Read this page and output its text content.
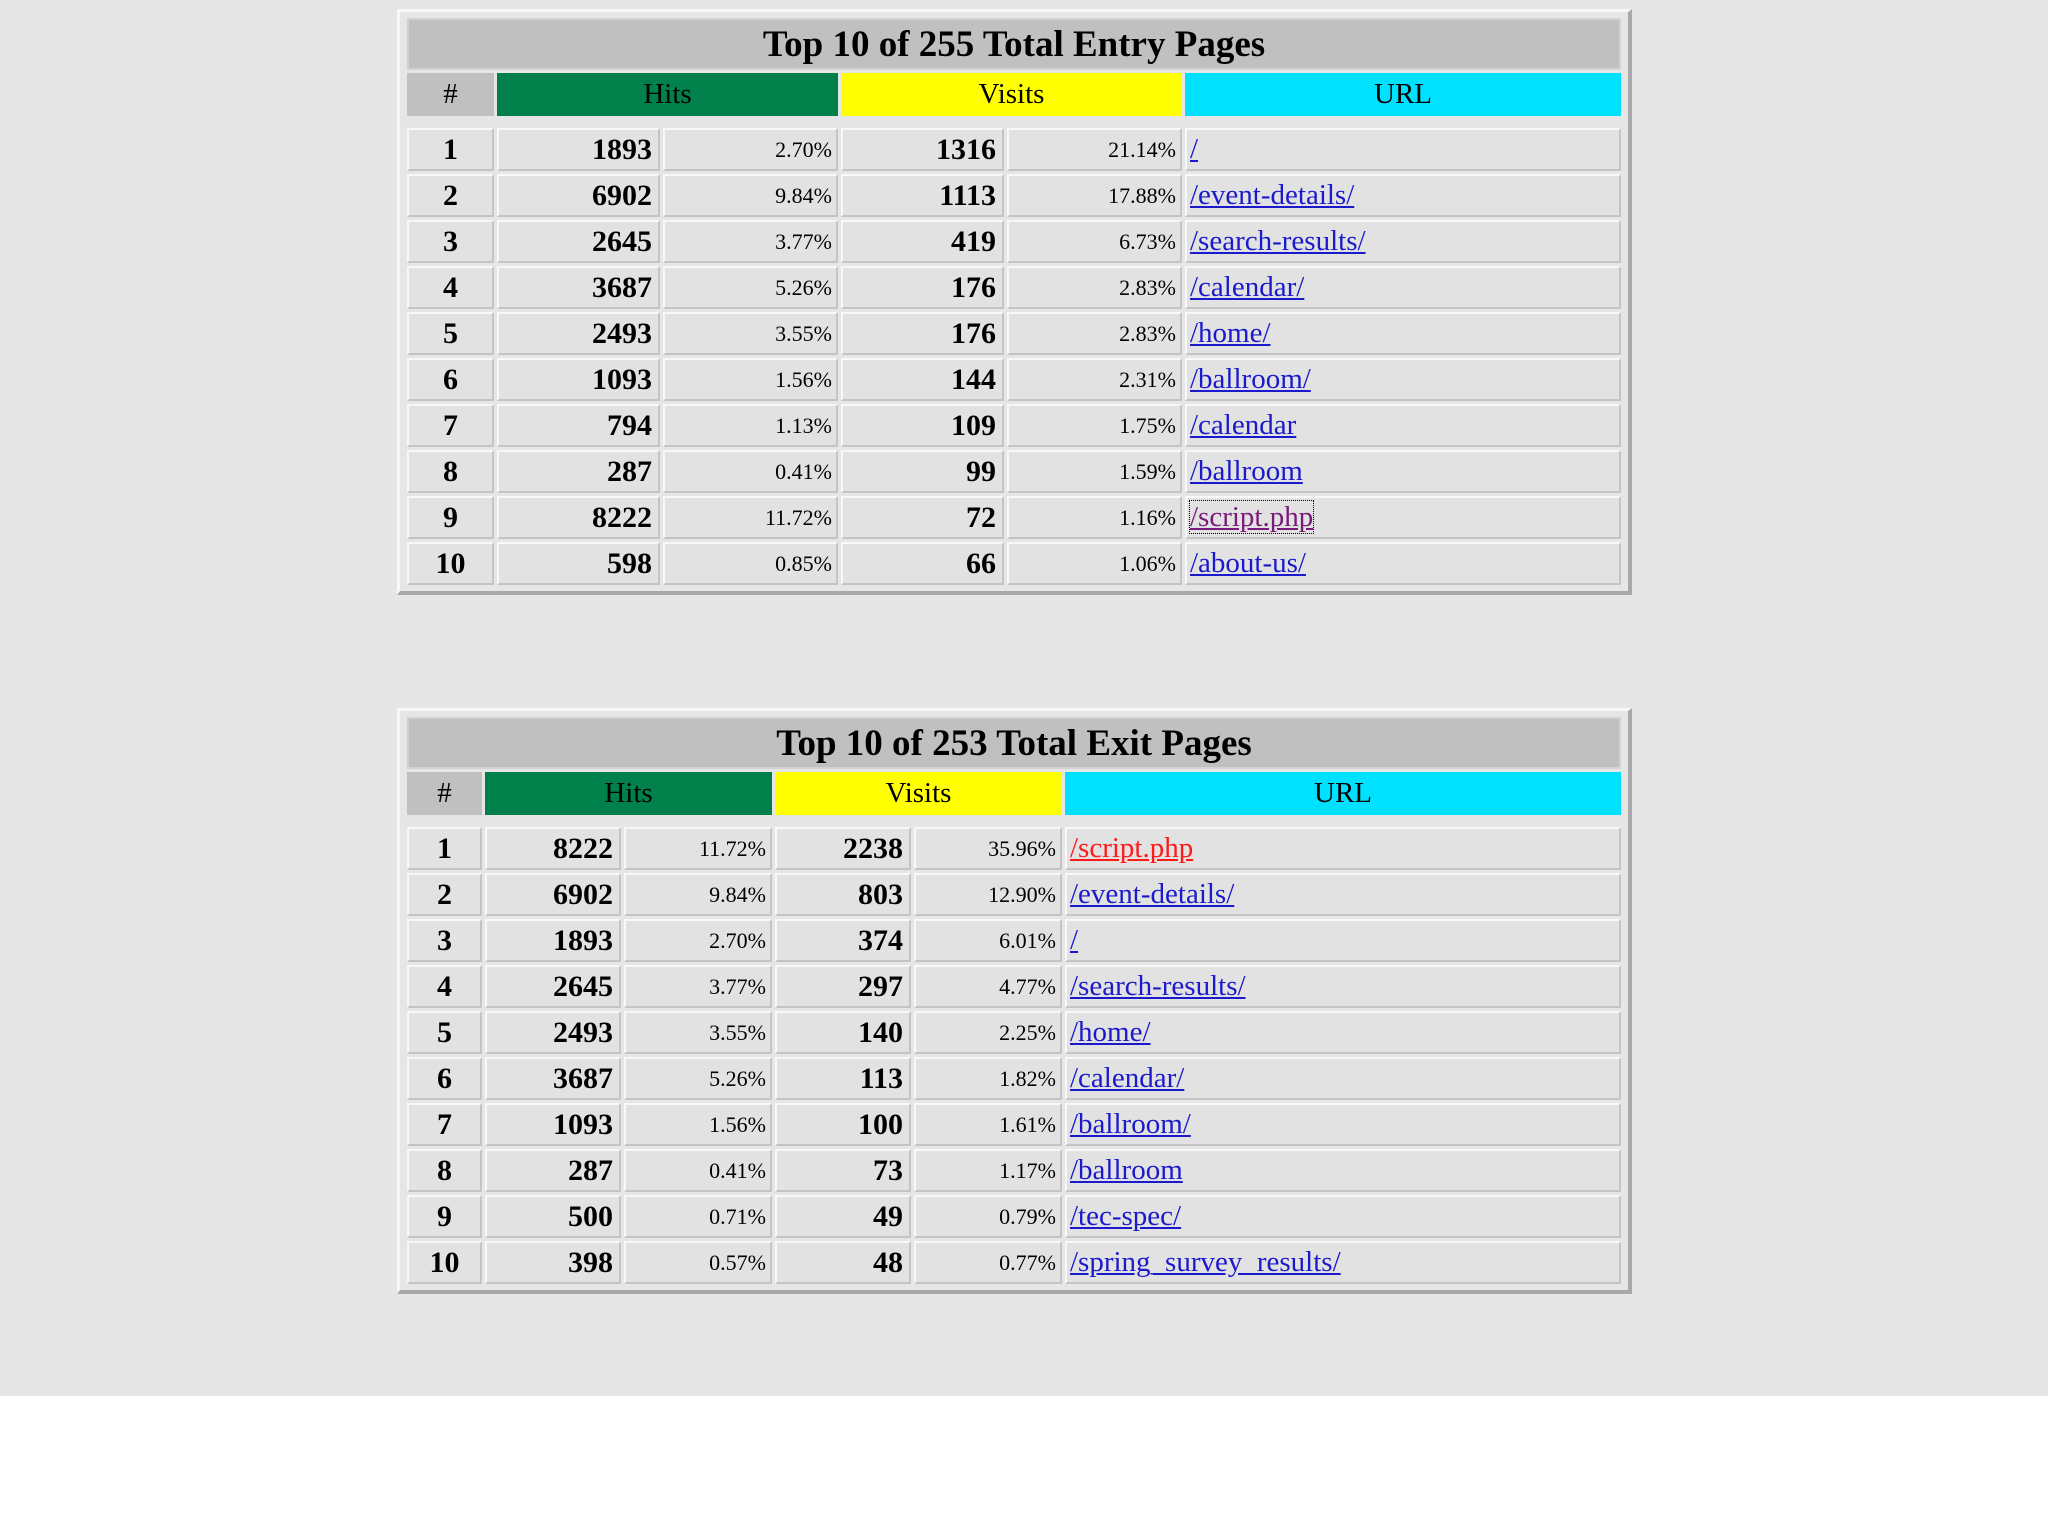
Top 10 of 255 Total Entry Pages					
#	Hits		Visits		URL

1	1893	2.70%	1316	21.14%	/
2	6902	9.84%	1113	17.88%	/event-details/
3	2645	3.77%	419	6.73%	/search-results/
4	3687	5.26%	176	2.83%	/calendar/
5	2493	3.55%	176	2.83%	/home/
6	1093	1.56%	144	2.31%	/ballroom/
7	794	1.13%	109	1.75%	/calendar
8	287	0.41%	99	1.59%	/ballroom
9	8222	11.72%	72	1.16%	/script.php
10	598	0.85%	66	1.06%	/about-us/
Top 10 of 253 Total Exit Pages					
#	Hits		Visits		URL

1	8222	11.72%	2238	35.96%	/script.php
2	6902	9.84%	803	12.90%	/event-details/
3	1893	2.70%	374	6.01%	/
4	2645	3.77%	297	4.77%	/search-results/
5	2493	3.55%	140	2.25%	/home/
6	3687	5.26%	113	1.82%	/calendar/
7	1093	1.56%	100	1.61%	/ballroom/
8	287	0.41%	73	1.17%	/ballroom
9	500	0.71%	49	0.79%	/tec-spec/
10	398	0.57%	48	0.77%	/spring_survey_results/
